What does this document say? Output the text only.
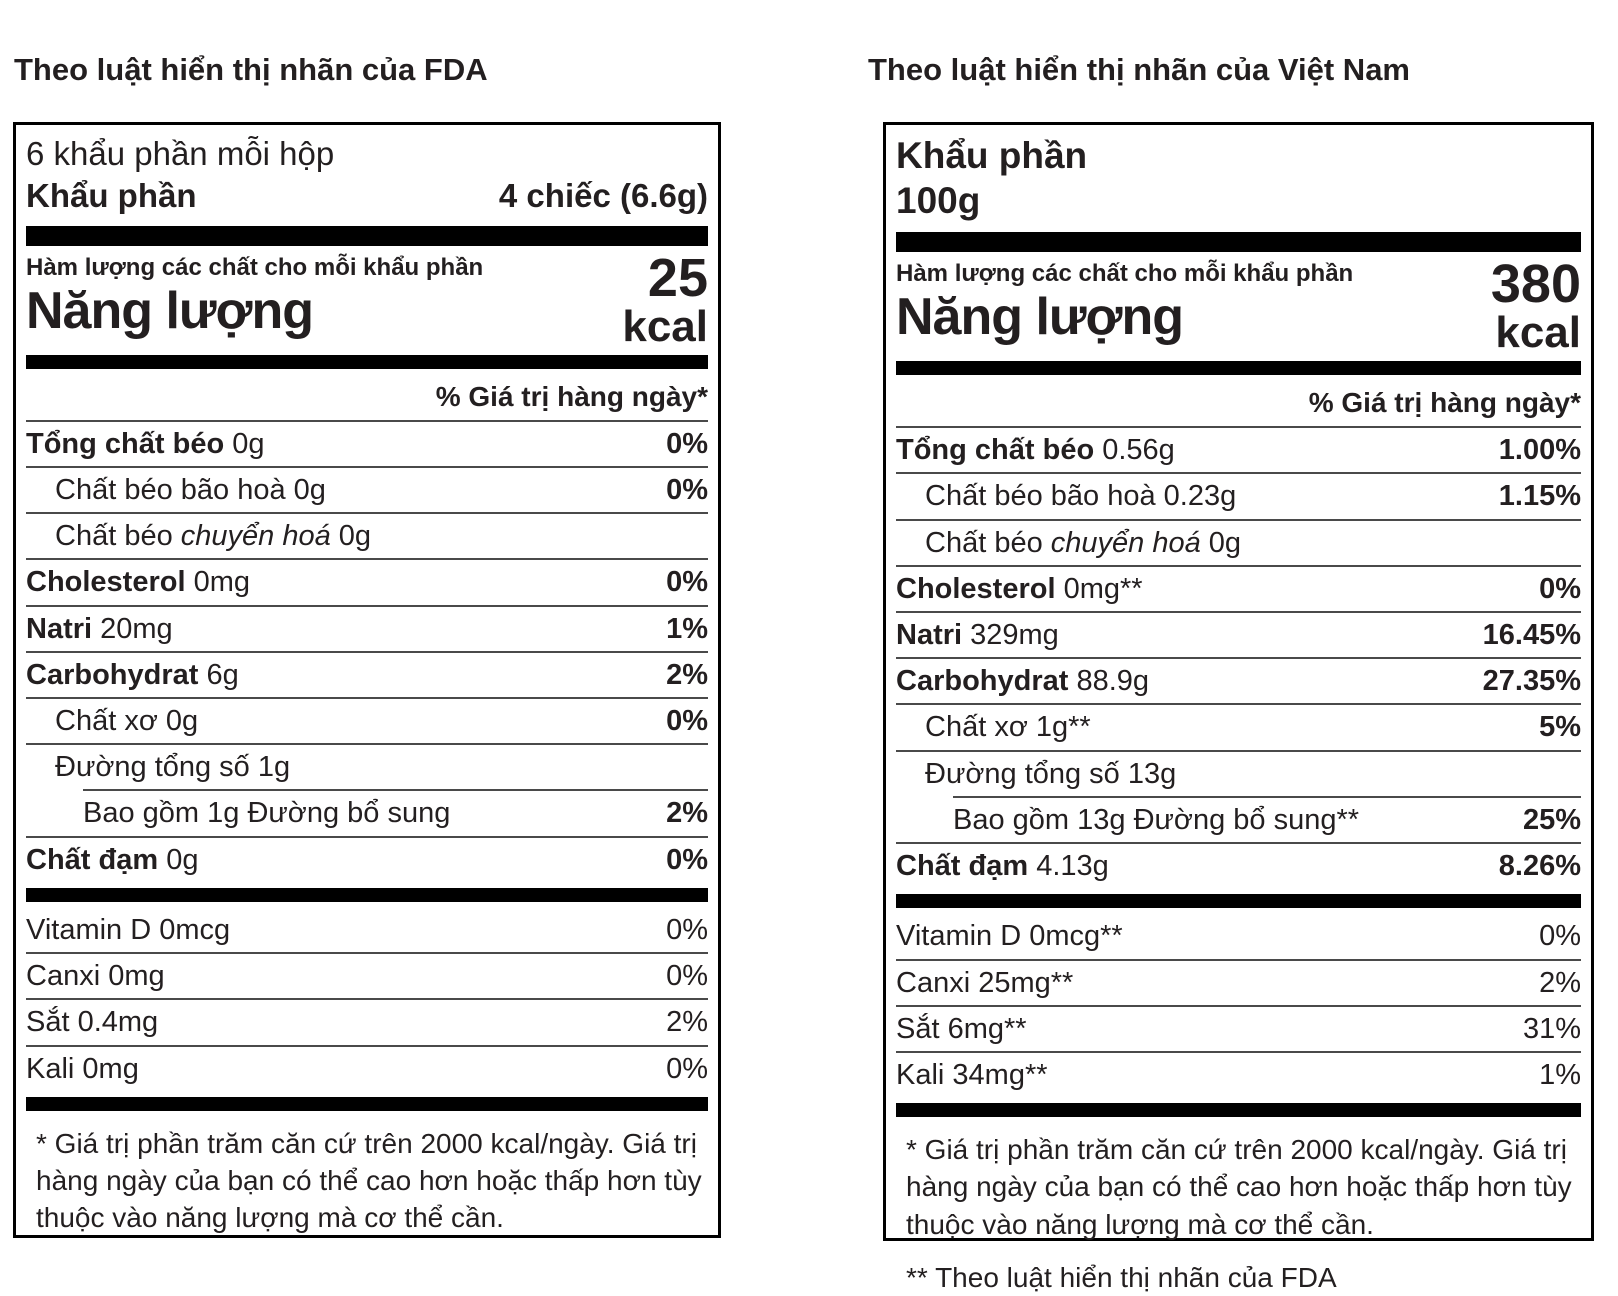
Theo luật hiển thị nhãn của FDA	Theo luật hiển thị nhãn của Việt Nam
6 khẩu phần mỗi hộp
Khẩu phần	4 chiếc (6.6g)
Hàm lượng các chất cho mỗi khẩu phần
Năng lượng
25
kcal
% Giá trị hàng ngày*
Tổng chất béo 0g	0%
Chất béo bão hoà 0g	0%
Chất béo chuyển hoá 0g
Cholesterol 0mg	0%
Natri 20mg	1%
Carbohydrat 6g	2%
Chất xơ 0g	0%
Đường tổng số 1g
Bao gồm 1g Đường bổ sung	2%
Chất đạm 0g	0%
Vitamin D 0mcg	0%
Canxi 0mg	0%
Sắt 0.4mg	2%
Kali 0mg	0%
* Giá trị phần trăm căn cứ trên 2000 kcal/ngày. Giá trị hàng ngày của bạn có thể cao hơn hoặc thấp hơn tùy thuộc vào năng lượng mà cơ thể cần.
Khẩu phần
100g
Hàm lượng các chất cho mỗi khẩu phần
Năng lượng
380
kcal
% Giá trị hàng ngày*
Tổng chất béo 0.56g	1.00%
Chất béo bão hoà 0.23g	1.15%
Chất béo chuyển hoá 0g
Cholesterol 0mg**	0%
Natri 329mg	16.45%
Carbohydrat 88.9g	27.35%
Chất xơ 1g**	5%
Đường tổng số 13g
Bao gồm 13g Đường bổ sung**	25%
Chất đạm 4.13g	8.26%
Vitamin D 0mcg**	0%
Canxi 25mg**	2%
Sắt 6mg**	31%
Kali 34mg**	1%
* Giá trị phần trăm căn cứ trên 2000 kcal/ngày. Giá trị hàng ngày của bạn có thể cao hơn hoặc thấp hơn tùy thuộc vào năng lượng mà cơ thể cần.
** Theo luật hiển thị nhãn của FDA
